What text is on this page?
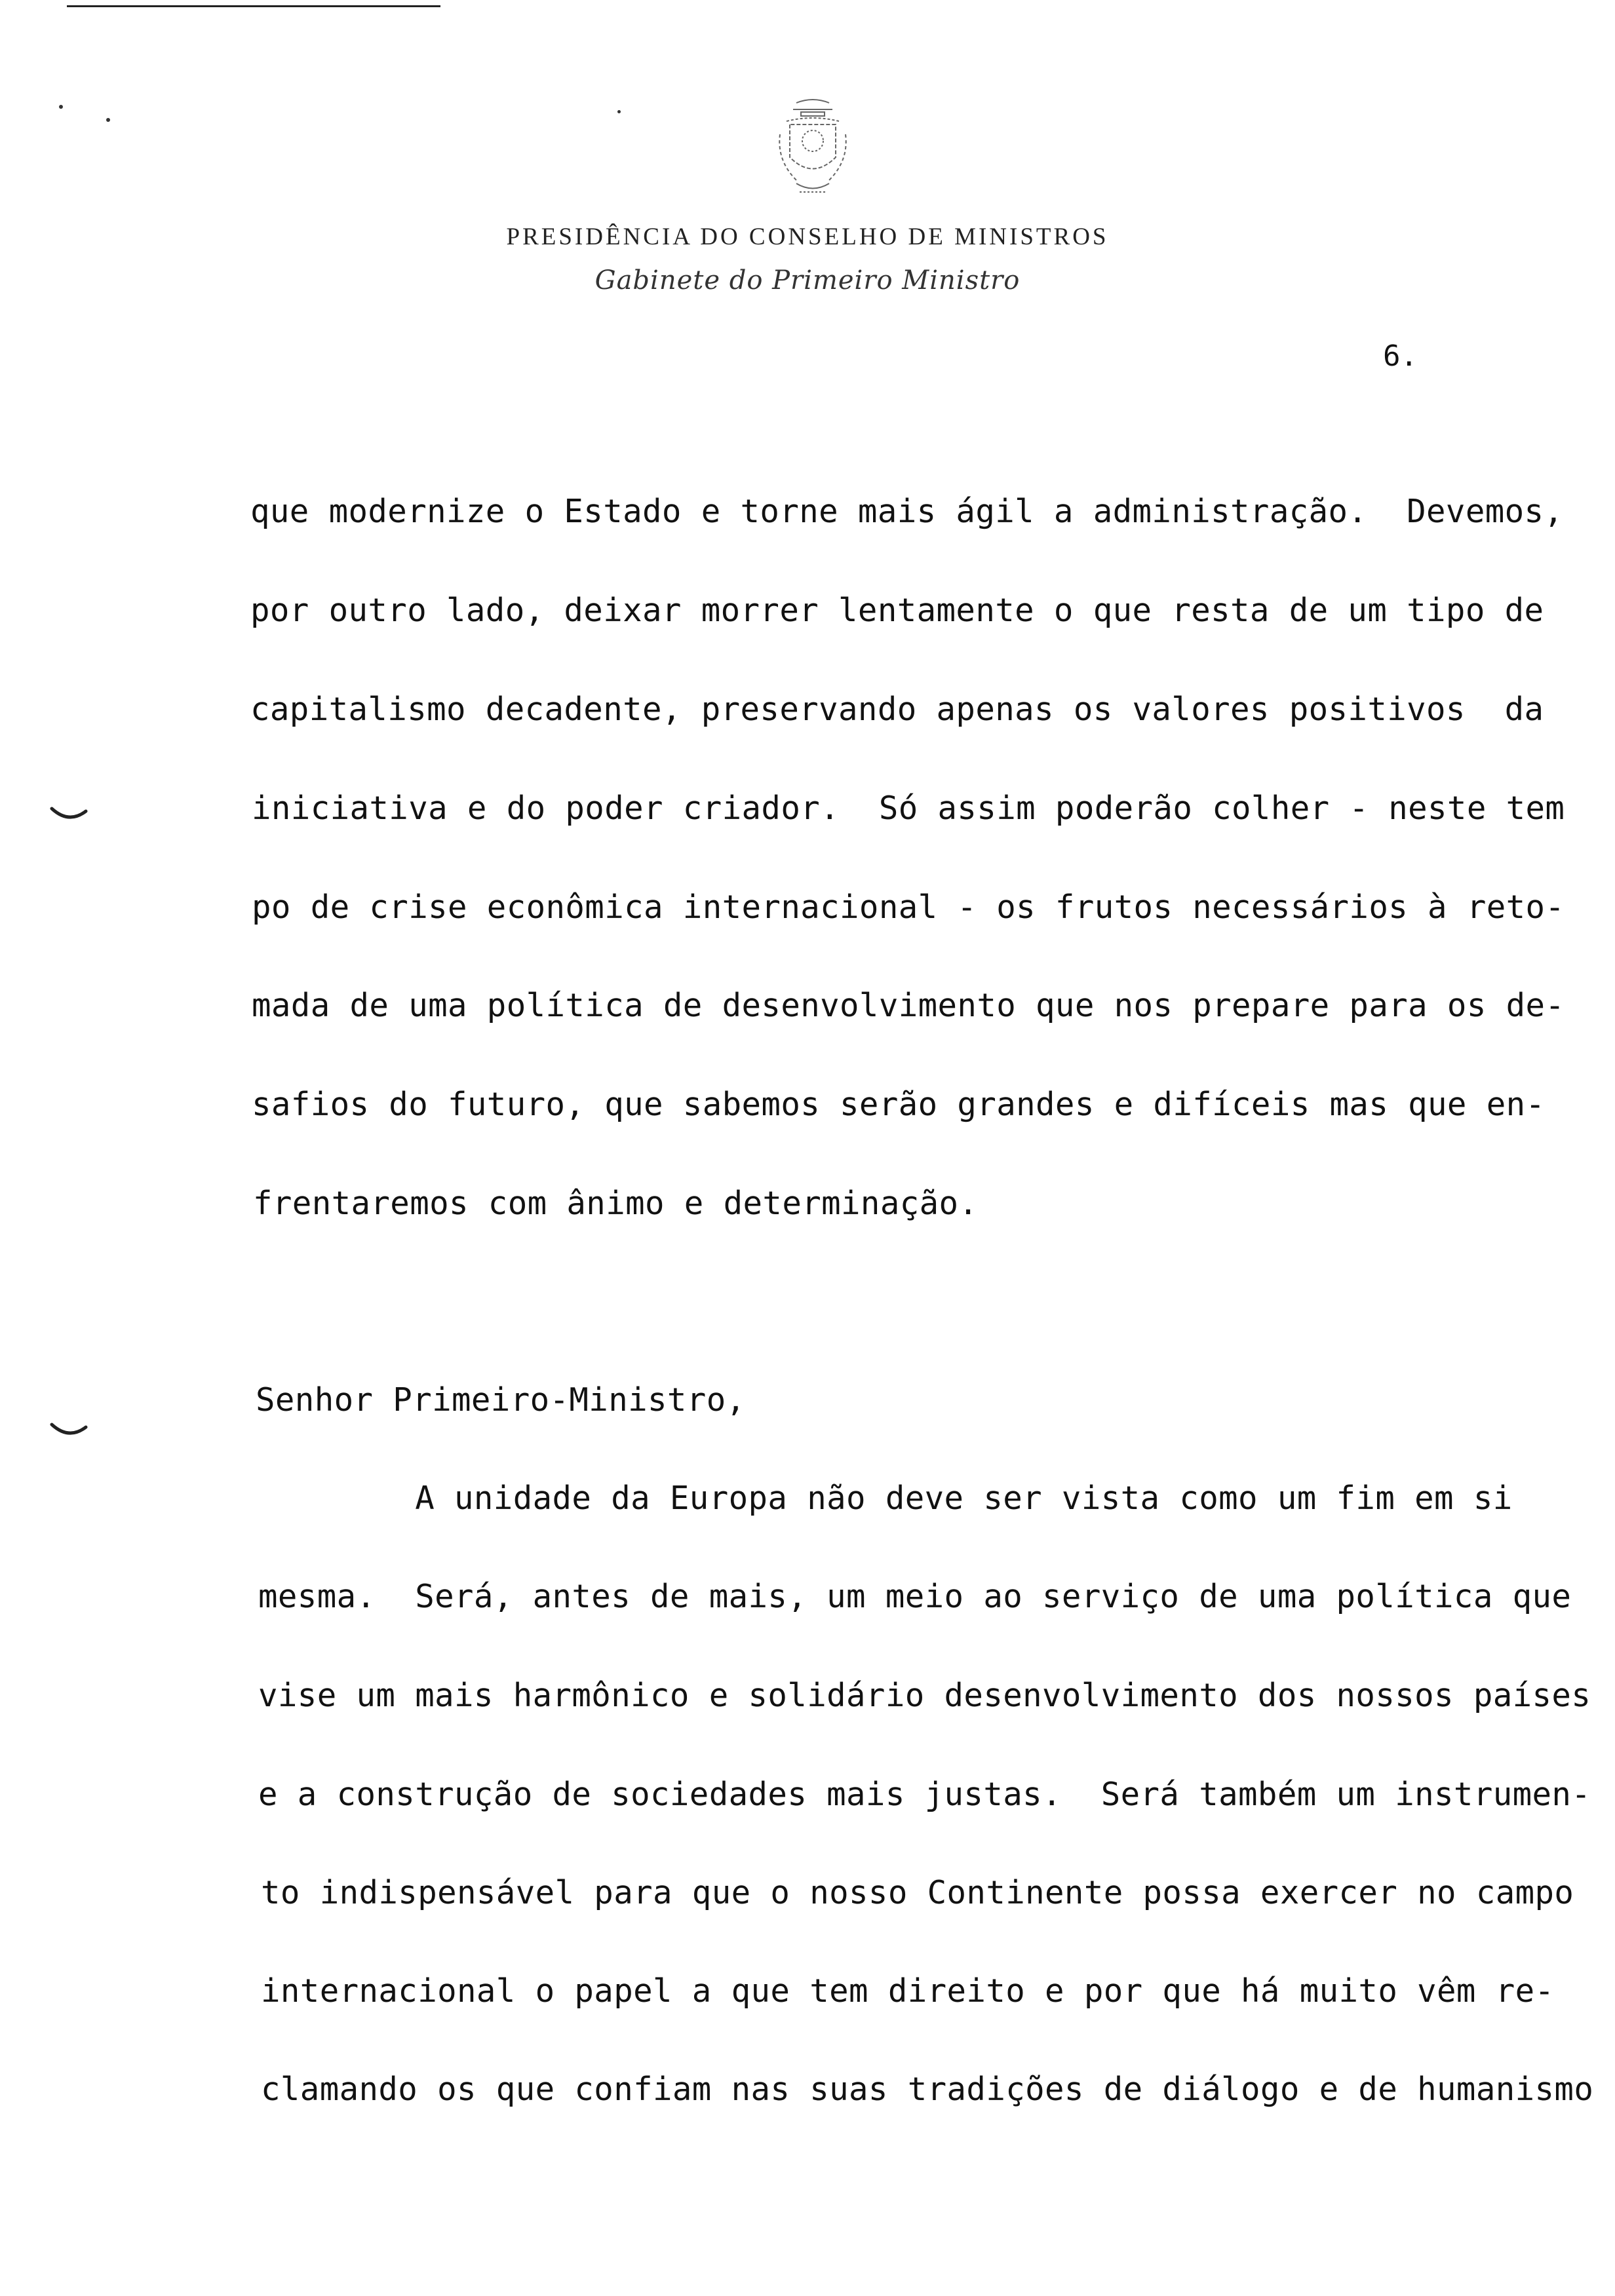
PRESIDÊNCIA DO CONSELHO DE MINISTROS
Gabinete do Primeiro Ministro
6.
que modernize o Estado e torne mais ágil a administração.  Devemos,
por outro lado, deixar morrer lentamente o que resta de um tipo de
capitalismo decadente, preservando apenas os valores positivos  da
iniciativa e do poder criador.  Só assim poderão colher - neste tem
po de crise econômica internacional - os frutos necessários à reto-
mada de uma política de desenvolvimento que nos prepare para os de-
safios do futuro, que sabemos serão grandes e difíceis mas que en-
frentaremos com ânimo e determinação.
Senhor Primeiro-Ministro,
A unidade da Europa não deve ser vista como um fim em si
mesma.  Será, antes de mais, um meio ao serviço de uma política que
vise um mais harmônico e solidário desenvolvimento dos nossos países
e a construção de sociedades mais justas.  Será também um instrumen-
to indispensável para que o nosso Continente possa exercer no campo
internacional o papel a que tem direito e por que há muito vêm re-
clamando os que confiam nas suas tradições de diálogo e de humanismo
